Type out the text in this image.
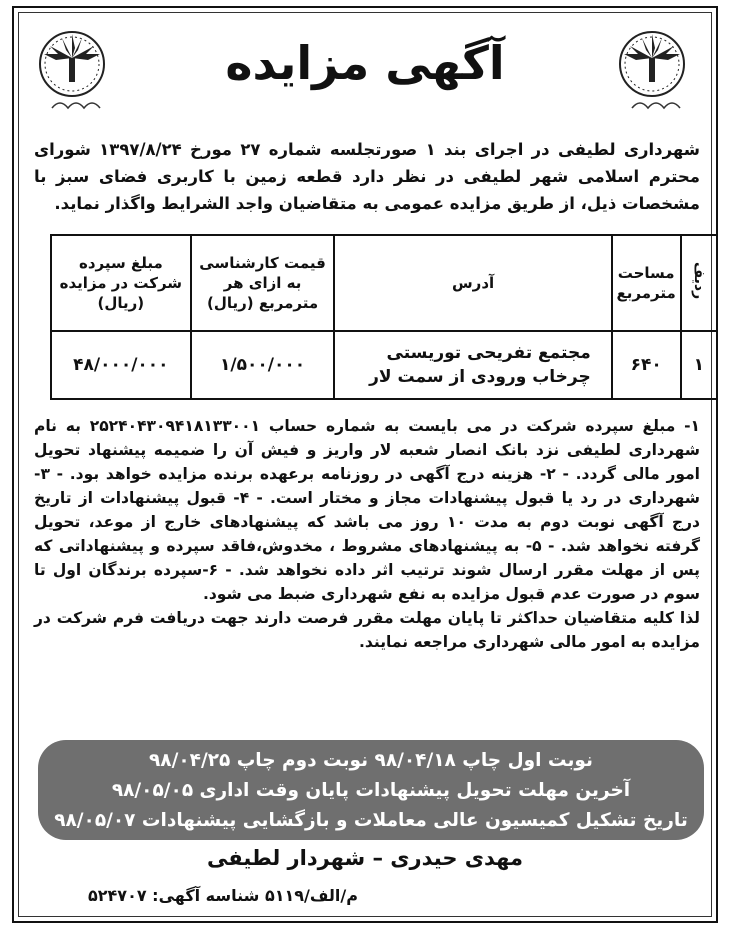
آگهی مزایده
شهرداری لطیفی در اجرای بند ۱ صورتجلسه شماره ۲۷ مورخ ۱۳۹۷/۸/۲۴ شورای محترم اسلامی شهر لطیفی در نظر دارد قطعه زمین با کاربری فضای سبز با مشخصات ذیل، از طریق مزایده عمومی به متقاضیان واجد الشرایط واگذار نماید.
ردیف	مساحت مترمربع	آدرس	قیمت کارشناسی به ازای هر مترمربع (ریال)	مبلغ سپرده شرکت در مزایده (ریال)
۱	۶۴۰	مجتمع تفریحی توریستی چرخاب ورودی از سمت لار	۱/۵۰۰/۰۰۰	۴۸/۰۰۰/۰۰۰

۱- مبلغ سپرده شرکت در می بایست به شماره حساب ۲۵۲۴۰۴۳۰۹۴۱۸۱۳۳۰۰۱ به نام شهرداری لطیفی نزد بانک انصار شعبه لار واریز و فیش آن را ضمیمه پیشنهاد تحویل امور مالی گردد. - ۲- هزینه درج آگهی در روزنامه برعهده برنده مزایده خواهد بود. - ۳- شهرداری در رد یا قبول پیشنهادات مجاز و مختار است. - ۴- قبول پیشنهادات از تاریخ درج آگهی نوبت دوم به مدت ۱۰ روز می باشد که پیشنهادهای خارج از موعد، تحویل گرفته نخواهد شد. - ۵- به پیشنهادهای مشروط ، مخدوش،فاقد سپرده و پیشنهاداتی که پس از مهلت مقرر ارسال شوند ترتیب اثر داده نخواهد شد. - ۶-سپرده برندگان اول تا سوم در صورت عدم قبول مزایده به نفع شهرداری ضبط می شود.

لذا کلیه متقاضیان حداکثر تا پایان مهلت مقرر فرصت دارند جهت دریافت فرم شرکت در مزایده به امور مالی شهرداری مراجعه نمایند.

نوبت اول چاپ ۹۸/۰۴/۱۸ نوبت دوم چاپ ۹۸/۰۴/۲۵
آخرین مهلت تحویل پیشنهادات پایان وقت اداری ۹۸/۰۵/۰۵
تاریخ تشکیل کمیسیون عالی معاملات و بازگشایی پیشنهادات ۹۸/۰۵/۰۷
مهدی حیدری – شهردار لطیفی
م/الف/۵۱۱۹ شناسه آگهی: ۵۲۴۷۰۷
